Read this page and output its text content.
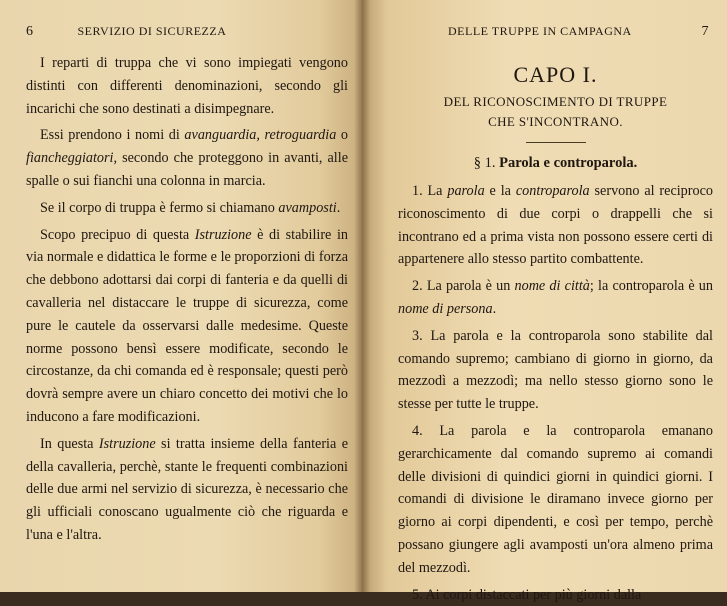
6	SERVIZIO DI SICUREZZA

I reparti di truppa che vi sono impiegati vengono distinti con differenti denominazioni, secondo gli incarichi che sono destinati a disimpegnare.

Essi prendono i nomi di avanguardia, retroguardia o fiancheggiatori, secondo che proteggono in avanti, alle spalle o sui fianchi una colonna in marcia.

Se il corpo di truppa è fermo si chiamano avamposti.

Scopo precipuo di questa Istruzione è di stabilire in via normale e didattica le forme e le proporzioni di forza che debbono adottarsi dai corpi di fanteria e da quelli di cavalleria nel distaccare le truppe di sicurezza, come pure le cautele da osservarsi dalle medesime. Queste norme possono bensì essere modificate, secondo le circostanze, da chi comanda ed è responsale; questi però dovrà sempre avere un chiaro concetto dei motivi che lo inducono a fare modificazioni.

In questa Istruzione si tratta insieme della fanteria e della cavalleria, perchè, stante le frequenti combinazioni delle due armi nel servizio di sicurezza, è necessario che gli ufficiali conoscano ugualmente ciò che riguarda e l'una e l'altra.

DELLE TRUPPE IN CAMPAGNA	7
CAPO I.
DEL RICONOSCIMENTO DI TRUPPE
CHE S'INCONTRANO.
§ 1. Parola e controparola.

1. La parola e la controparola servono al reciproco riconoscimento di due corpi o drappelli che si incontrano ed a prima vista non possono essere certi di appartenere allo stesso partito combattente.

2. La parola è un nome di città; la controparola è un nome di persona.

3. La parola e la controparola sono stabilite dal comando supremo; cambiano di giorno in giorno, da mezzodì a mezzodì; ma nello stesso giorno sono le stesse per tutte le truppe.

4. La parola e la controparola emanano gerarchicamente dal comando supremo ai comandi delle divisioni di quindici giorni in quindici giorni. I comandi di divisione le diramano invece giorno per giorno ai corpi dipendenti, e così per tempo, perchè possano giungere agli avamposti un'ora almeno prima del mezzodì.

5. Ai corpi distaccati per più giorni dalla
